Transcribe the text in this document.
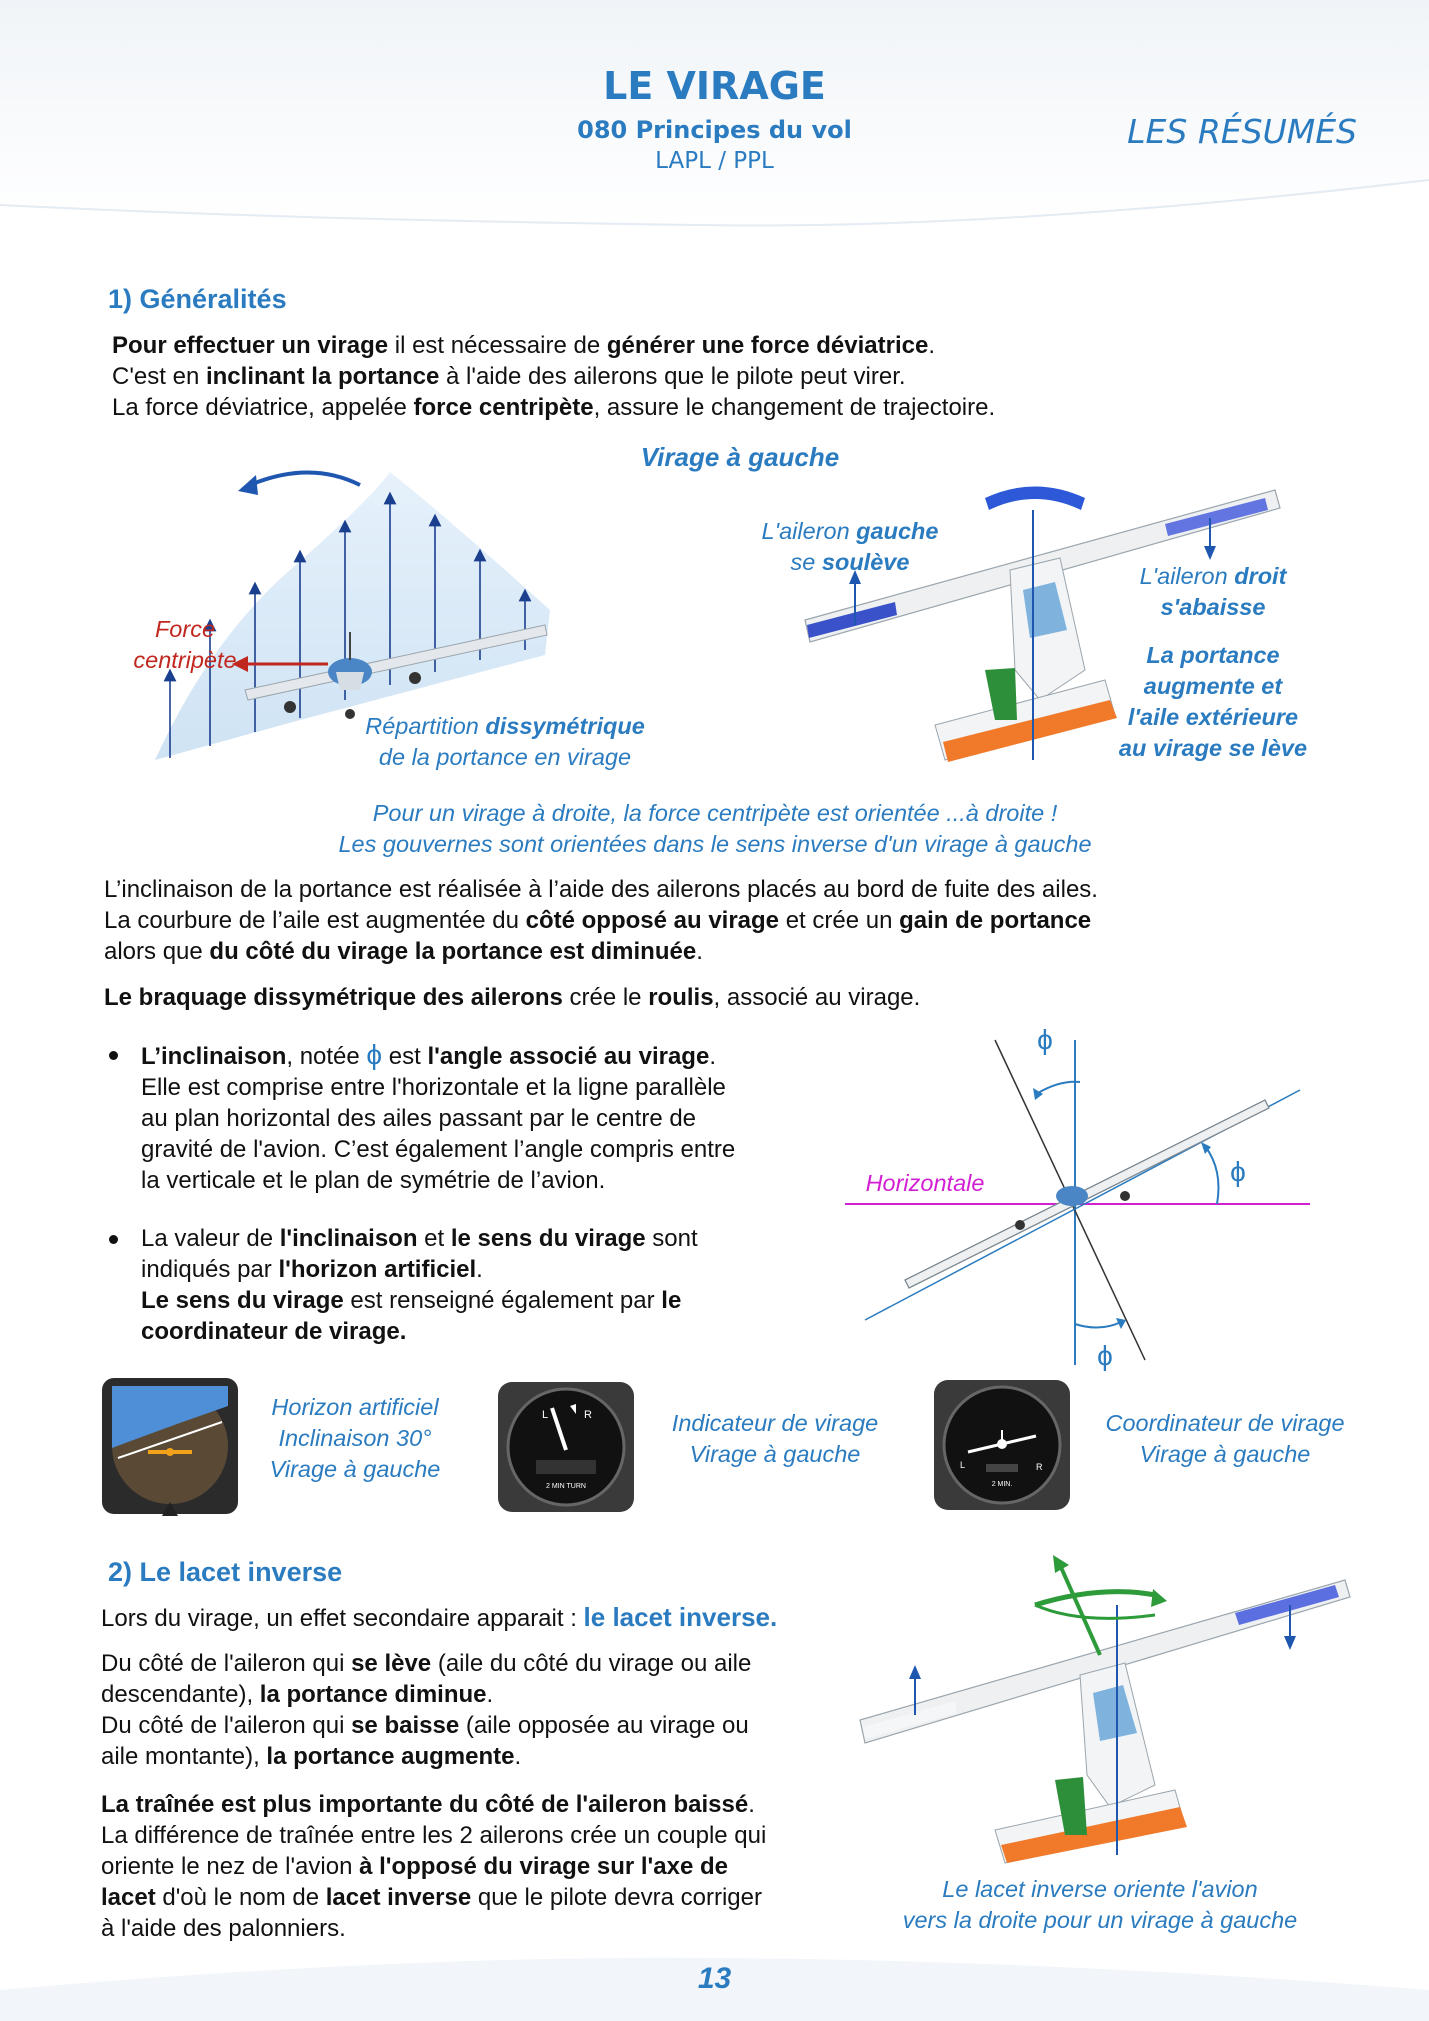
LE VIRAGE
080 Principes du vol
LAPL / PPL
LES RÉSUMÉS
1) Généralités
Pour effectuer un virage il est nécessaire de générer une force déviatrice.
C'est en inclinant la portance à l'aide des ailerons que le pilote peut virer.
La force déviatrice, appelée force centripète, assure le changement de trajectoire.
Virage à gauche
Force
centripète
Répartition dissymétrique
de la portance en virage
L'aileron gauche
se soulève
L'aileron droit
s'abaisse
La portance
augmente et
l'aile extérieure
au virage se lève
Pour un virage à droite, la force centripète est orientée ...à droite !
Les gouvernes sont orientées dans le sens inverse d'un virage à gauche
L’inclinaison de la portance est réalisée à l’aide des ailerons placés au bord de fuite des ailes.
La courbure de l’aile est augmentée du côté opposé au virage et crée un gain de portance
alors que du côté du virage la portance est diminuée.
Le braquage dissymétrique des ailerons crée le roulis, associé au virage.
L’inclinaison, notée ϕ est l'angle associé au virage.
Elle est comprise entre l'horizontale et la ligne parallèle
au plan horizontal des ailes passant par le centre de
gravité de l'avion. C’est également l’angle compris entre
la verticale et le plan de symétrie de l’avion.
La valeur de l'inclinaison et le sens du virage sont
indiqués par l'horizon artificiel.
Le sens du virage est renseigné également par le
coordinateur de virage.
ϕ
ϕ
ϕ
Horizontale
Horizon artificiel
Inclinaison 30°
Virage à gauche
L	R
2 MIN TURN
Indicateur de virage
Virage à gauche	L	R
2 MIN.
Coordinateur de virage
Virage à gauche
2) Le lacet inverse
Lors du virage, un effet secondaire apparait : le lacet inverse.
Du côté de l'aileron qui se lève (aile du côté du virage ou aile
descendante), la portance diminue.
Du côté de l'aileron qui se baisse (aile opposée au virage ou
aile montante), la portance augmente.
La traînée est plus importante du côté de l'aileron baissé.
La différence de traînée entre les 2 ailerons crée un couple qui
oriente le nez de l'avion à l'opposé du virage sur l'axe de
lacet d'où le nom de lacet inverse que le pilote devra corriger
à l'aide des palonniers.
Le lacet inverse oriente l'avion
vers la droite pour un virage à gauche
13
